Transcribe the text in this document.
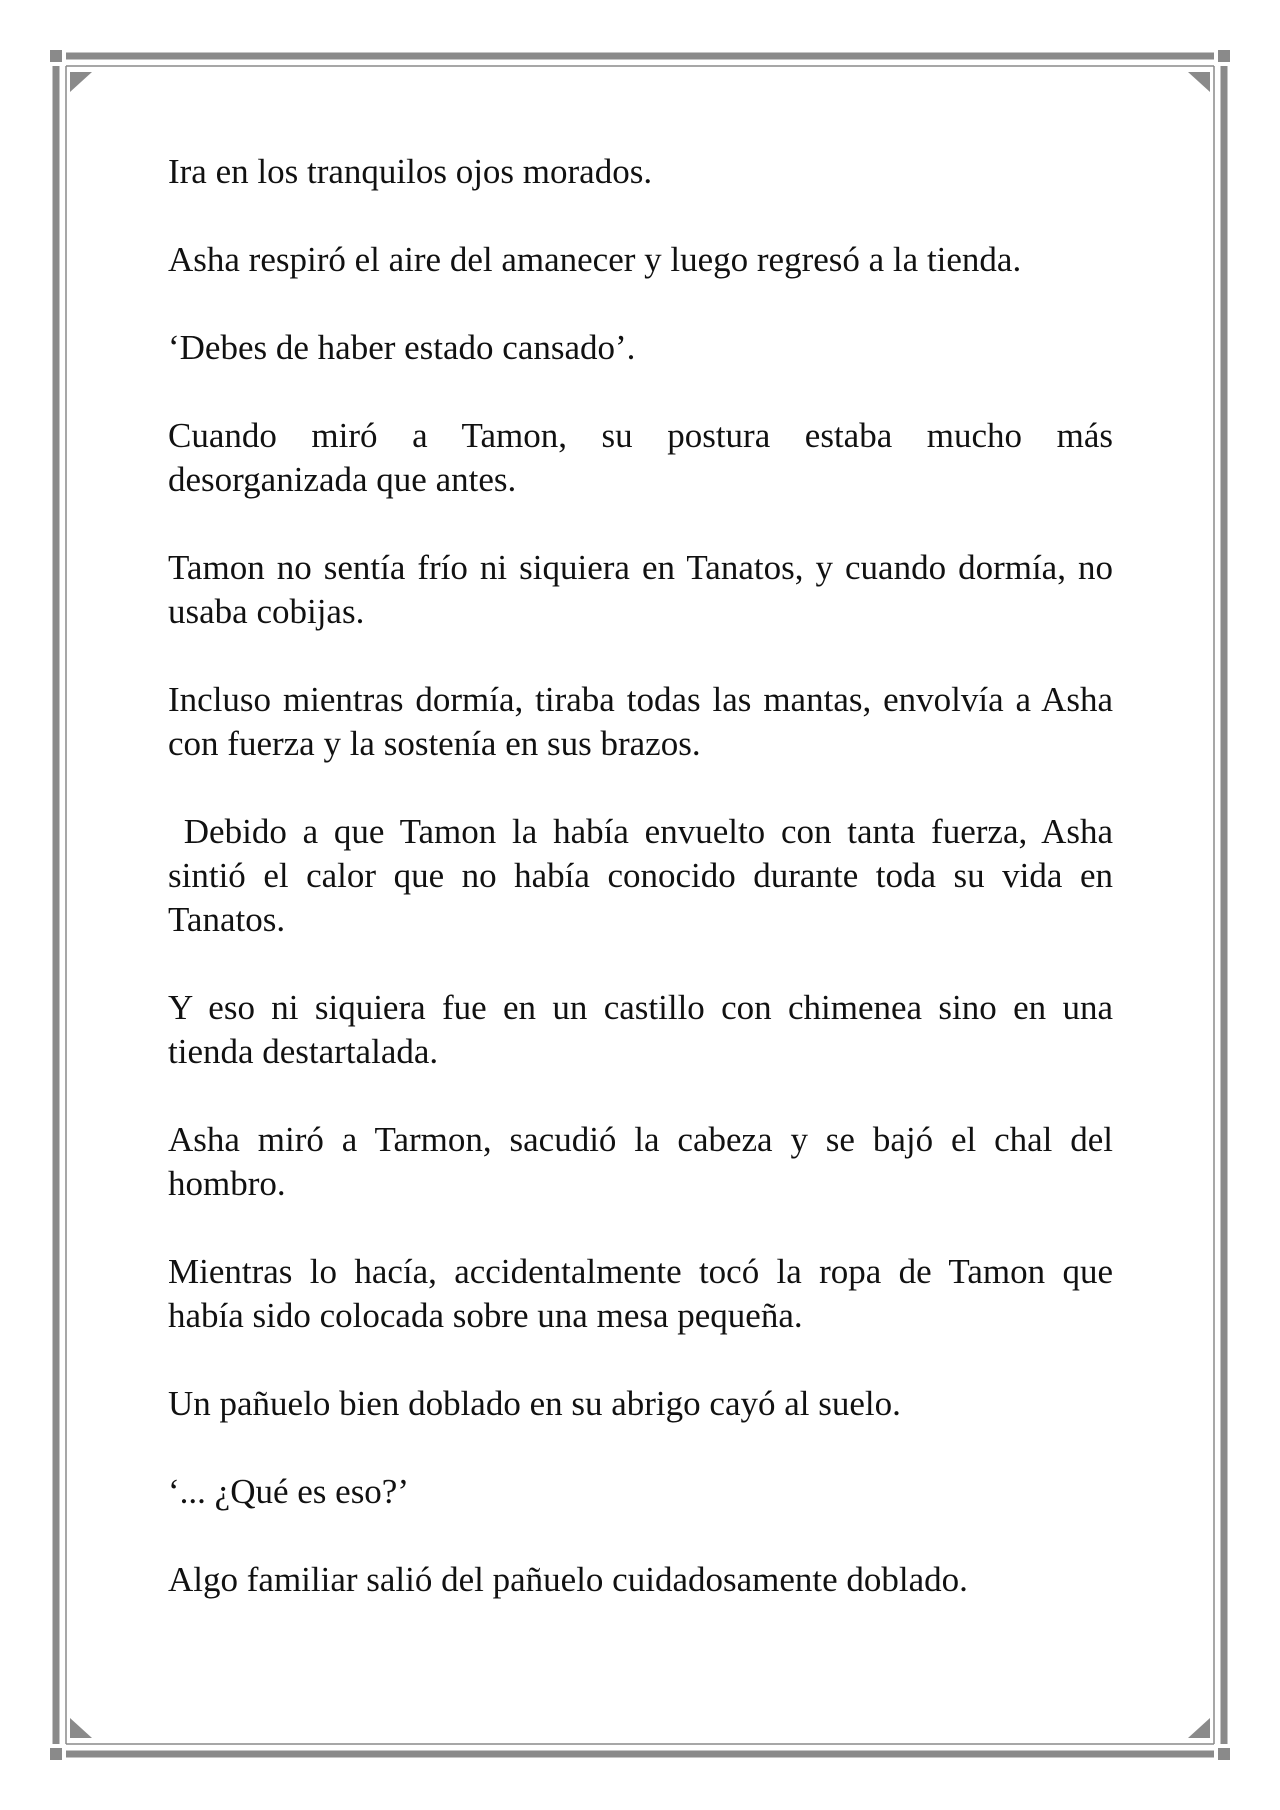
Ira en los tranquilos ojos morados.

Asha respiró el aire del amanecer y luego regresó a la tienda.

‘Debes de haber estado cansado’.

Cuando miró a Tamon, su postura estaba mucho más desorganizada que antes.

Tamon no sentía frío ni siquiera en Tanatos, y cuando dormía, no usaba cobijas.

Incluso mientras dormía, tiraba todas las mantas, envolvía a Asha con fuerza y la sostenía en sus brazos.

Debido a que Tamon la había envuelto con tanta fuerza, Asha sintió el calor que no había conocido durante toda su vida en Tanatos.

Y eso ni siquiera fue en un castillo con chimenea sino en una tienda destartalada.

Asha miró a Tarmon, sacudió la cabeza y se bajó el chal del hombro.

Mientras lo hacía, accidentalmente tocó la ropa de Tamon que había sido colocada sobre una mesa pequeña.

Un pañuelo bien doblado en su abrigo cayó al suelo.

‘... ¿Qué es eso?’

Algo familiar salió del pañuelo cuidadosamente doblado.
